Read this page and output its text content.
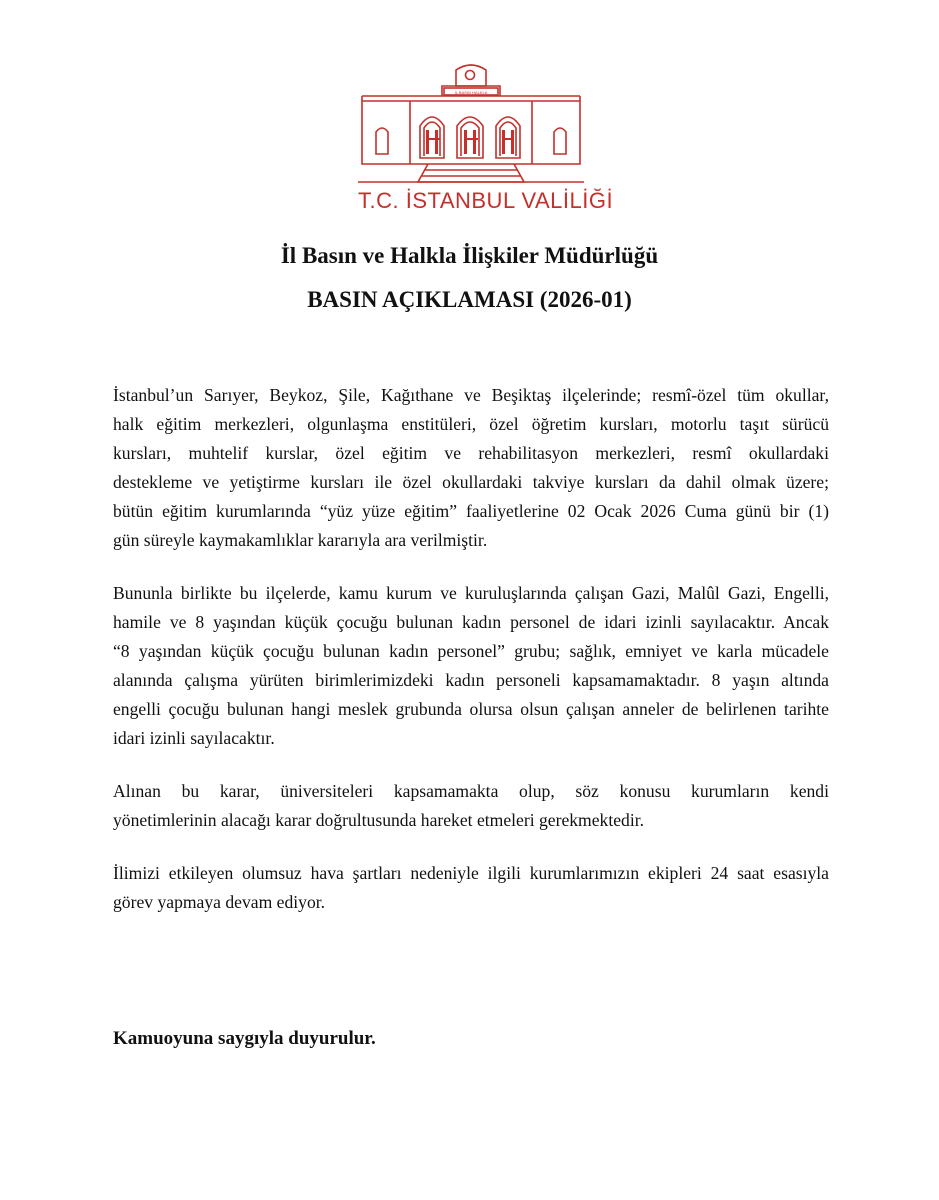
İL BASIN HALKLA
T.C. İSTANBUL VALİLİĞİ
İl Basın ve Halkla İlişkiler Müdürlüğü
BASIN AÇIKLAMASI (2026-01)

İstanbul’un Sarıyer, Beykoz, Şile, Kağıthane ve Beşiktaş ilçelerinde; resmî-özel tüm okullar,
halk eğitim merkezleri, olgunlaşma enstitüleri, özel öğretim kursları, motorlu taşıt sürücü
kursları, muhtelif kurslar, özel eğitim ve rehabilitasyon merkezleri, resmî okullardaki
destekleme ve yetiştirme kursları ile özel okullardaki takviye kursları da dahil olmak üzere;
bütün eğitim kurumlarında “yüz yüze eğitim” faaliyetlerine 02 Ocak 2026 Cuma günü bir (1)
gün süreyle kaymakamlıklar kararıyla ara verilmiştir.

Bununla birlikte bu ilçelerde, kamu kurum ve kuruluşlarında çalışan Gazi, Malûl Gazi, Engelli,
hamile ve 8 yaşından küçük çocuğu bulunan kadın personel de idari izinli sayılacaktır. Ancak
“8 yaşından küçük çocuğu bulunan kadın personel” grubu; sağlık, emniyet ve karla mücadele
alanında çalışma yürüten birimlerimizdeki kadın personeli kapsamamaktadır. 8 yaşın altında
engelli çocuğu bulunan hangi meslek grubunda olursa olsun çalışan anneler de belirlenen tarihte
idari izinli sayılacaktır.

Alınan bu karar, üniversiteleri kapsamamakta olup, söz konusu kurumların kendi
yönetimlerinin alacağı karar doğrultusunda hareket etmeleri gerekmektedir.

İlimizi etkileyen olumsuz hava şartları nedeniyle ilgili kurumlarımızın ekipleri 24 saat esasıyla
görev yapmaya devam ediyor.

Kamuoyuna saygıyla duyurulur.
